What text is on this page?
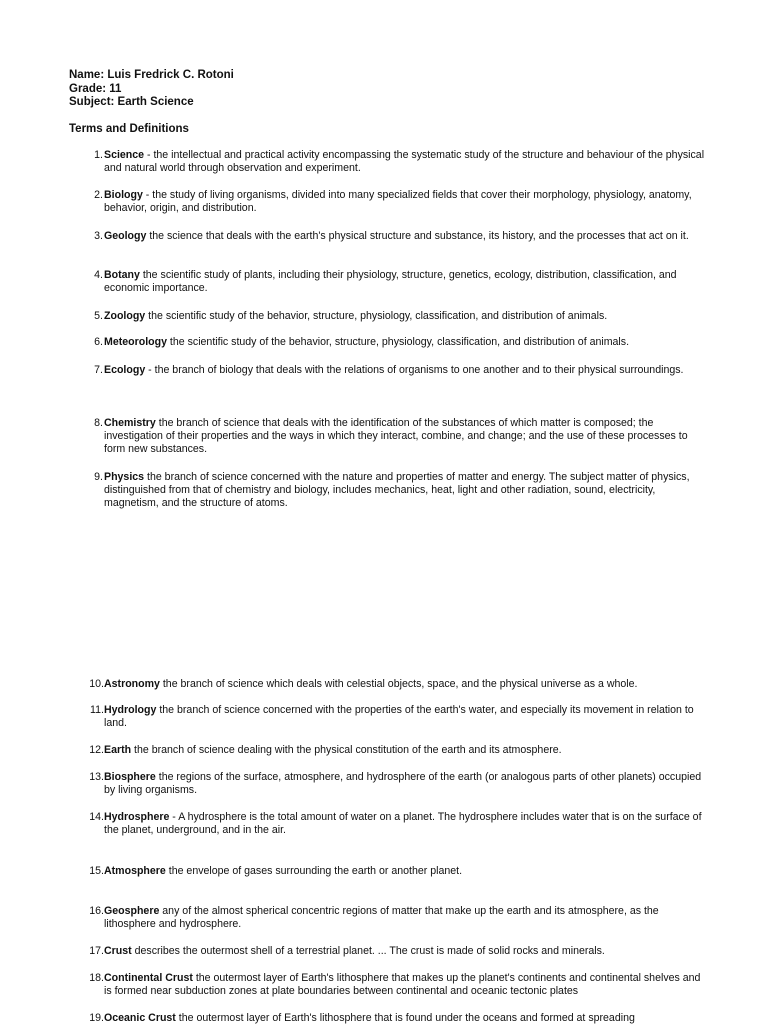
Name: Luis Fredrick C. Rotoni
Grade: 11
Subject: Earth Science
Terms and Definitions
1. Science - the intellectual and practical activity encompassing the systematic study of the structure and behaviour of the physical and natural world through observation and experiment.
2. Biology - the study of living organisms, divided into many specialized fields that cover their morphology, physiology, anatomy, behavior, origin, and distribution.
3. Geology the science that deals with the earth's physical structure and substance, its history, and the processes that act on it.
4. Botany the scientific study of plants, including their physiology, structure, genetics, ecology, distribution, classification, and economic importance.
5. Zoology the scientific study of the behavior, structure, physiology, classification, and distribution of animals.
6. Meteorology the scientific study of the behavior, structure, physiology, classification, and distribution of animals.
7. Ecology - the branch of biology that deals with the relations of organisms to one another and to their physical surroundings.
8. Chemistry the branch of science that deals with the identification of the substances of which matter is composed; the investigation of their properties and the ways in which they interact, combine, and change; and the use of these processes to form new substances.
9. Physics the branch of science concerned with the nature and properties of matter and energy. The subject matter of physics, distinguished from that of chemistry and biology, includes mechanics, heat, light and other radiation, sound, electricity, magnetism, and the structure of atoms.
10. Astronomy the branch of science which deals with celestial objects, space, and the physical universe as a whole.
11. Hydrology the branch of science concerned with the properties of the earth's water, and especially its movement in relation to land.
12. Earth the branch of science dealing with the physical constitution of the earth and its atmosphere.
13. Biosphere the regions of the surface, atmosphere, and hydrosphere of the earth (or analogous parts of other planets) occupied by living organisms.
14. Hydrosphere - A hydrosphere is the total amount of water on a planet. The hydrosphere includes water that is on the surface of the planet, underground, and in the air.
15. Atmosphere the envelope of gases surrounding the earth or another planet.
16. Geosphere any of the almost spherical concentric regions of matter that make up the earth and its atmosphere, as the lithosphere and hydrosphere.
17. Crust describes the outermost shell of a terrestrial planet. ... The crust is made of solid rocks and minerals.
18. Continental Crust the outermost layer of Earth's lithosphere that makes up the planet's continents and continental shelves and is formed near subduction zones at plate boundaries between continental and oceanic tectonic plates
19. Oceanic Crust the outermost layer of Earth's lithosphere that is found under the oceans and formed at spreading
